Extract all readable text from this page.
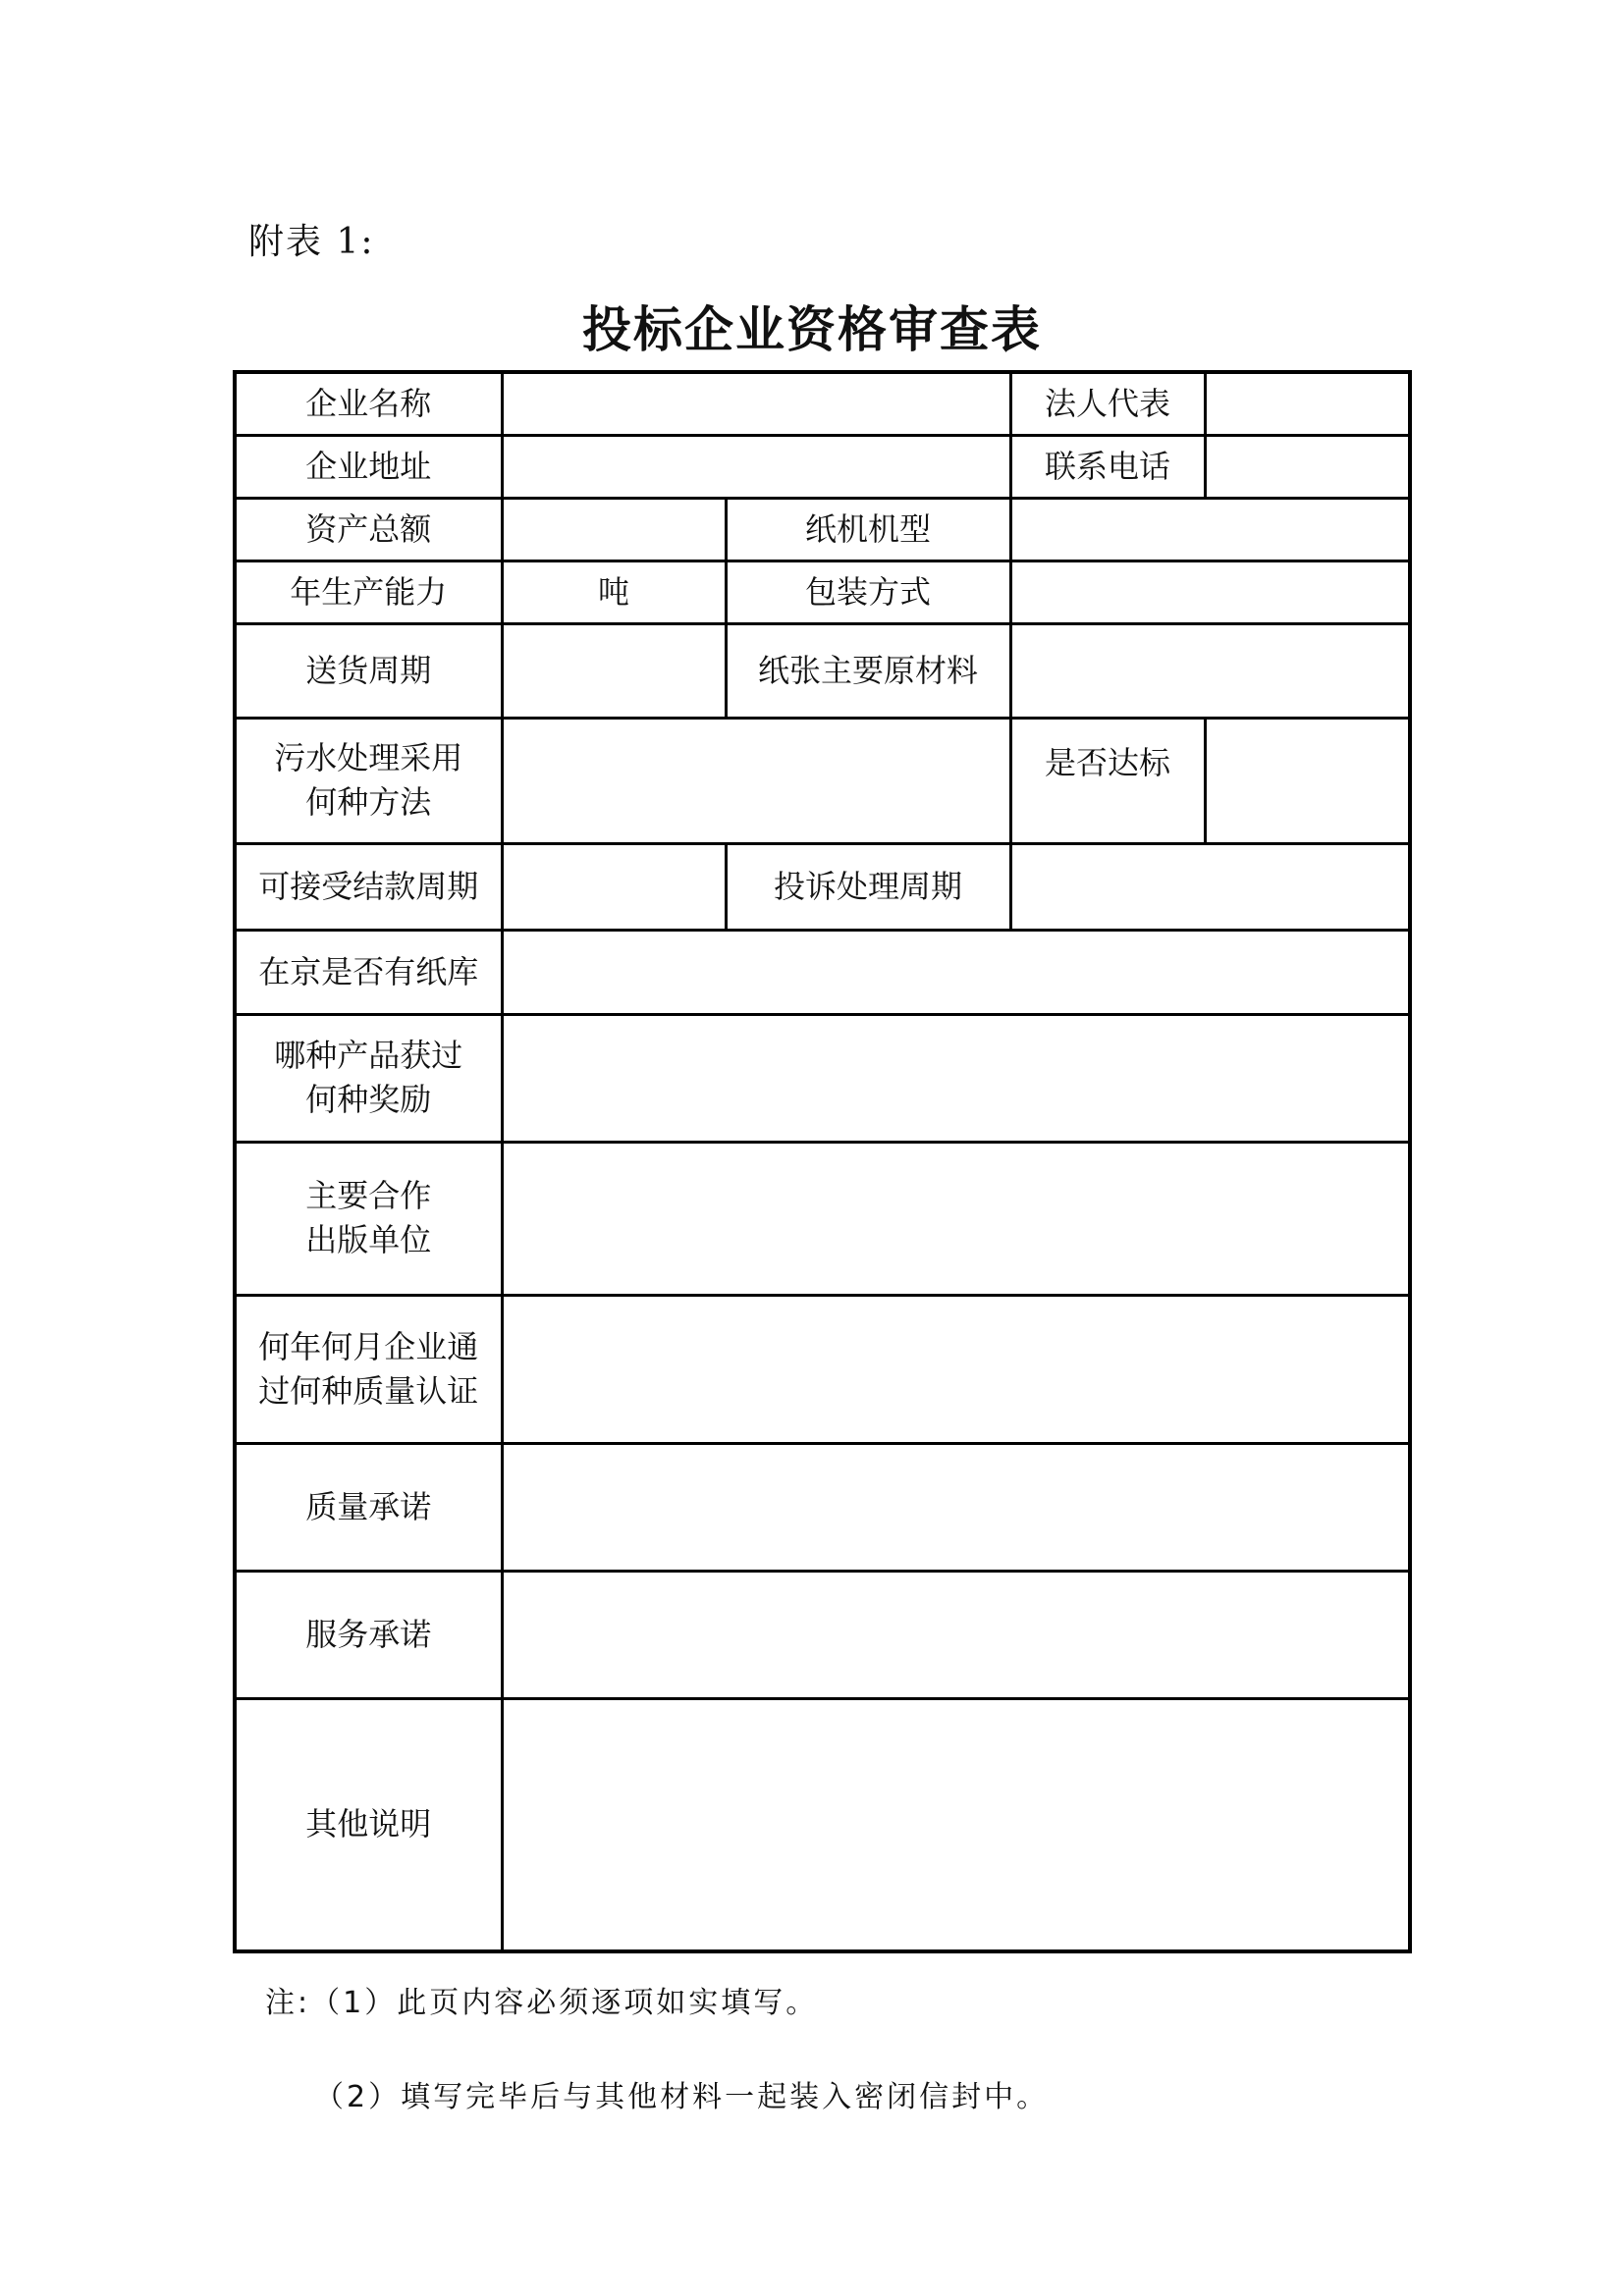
附表 1:
投标企业资格审查表
企业名称			法人代表	
企业地址			联系电话	
资产总额		纸机机型		
年生产能力	吨	包装方式		
送货周期		纸张主要原材料		

污水处理采用
何种方法			是否达标	
可接受结款周期		投诉处理周期		
在京是否有纸库				

哪种产品获过
何种奖励				

主要合作
出版单位				

何年何月企业通
过何种质量认证				

质量承诺				
服务承诺				
其他说明				
注:（1）此页内容必须逐项如实填写。
（2）填写完毕后与其他材料一起装入密闭信封中。
